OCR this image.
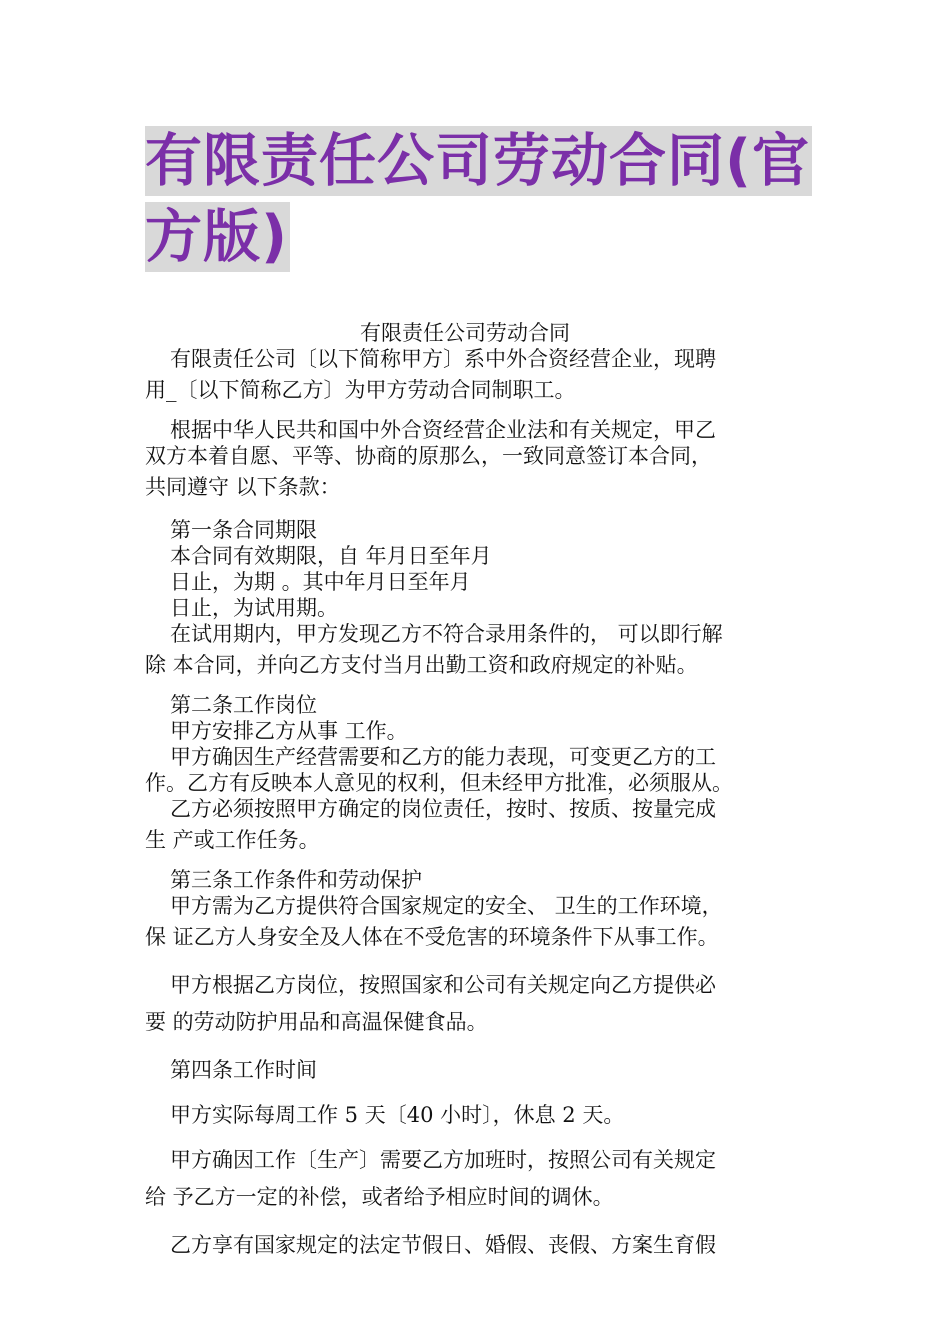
有限责任公司劳动合同(官
方版)

有限责任公司劳动合同

有限责任公司〔以下简称甲方〕系中外合资经营企业，现聘

用_〔以下简称乙方〕为甲方劳动合同制职工。

根据中华人民共和国中外合资经营企业法和有关规定，甲乙

双方本着自愿、平等、协商的原那么，一致同意签订本合同，

共同遵守 以下条款：

第一条合同期限

本合同有效期限，自 年月日至年月

日止，为期 。其中年月日至年月

日止，为试用期。

在试用期内，甲方发现乙方不符合录用条件的， 可以即行解

除 本合同，并向乙方支付当月出勤工资和政府规定的补贴。

第二条工作岗位

甲方安排乙方从事 工作。

甲方确因生产经营需要和乙方的能力表现，可变更乙方的工

作。乙方有反映本人意见的权利，但未经甲方批准，必须服从。

乙方必须按照甲方确定的岗位责任，按时、按质、按量完成

生 产或工作任务。

第三条工作条件和劳动保护

甲方需为乙方提供符合国家规定的安全、 卫生的工作环境，

保 证乙方人身安全及人体在不受危害的环境条件下从事工作。

甲方根据乙方岗位，按照国家和公司有关规定向乙方提供必

要 的劳动防护用品和高温保健食品。

第四条工作时间

甲方实际每周工作 5 天〔40 小时〕，休息 2 天。

甲方确因工作〔生产〕需要乙方加班时，按照公司有关规定

给 予乙方一定的补偿，或者给予相应时间的调休。

乙方享有国家规定的法定节假日、婚假、丧假、方案生育假
